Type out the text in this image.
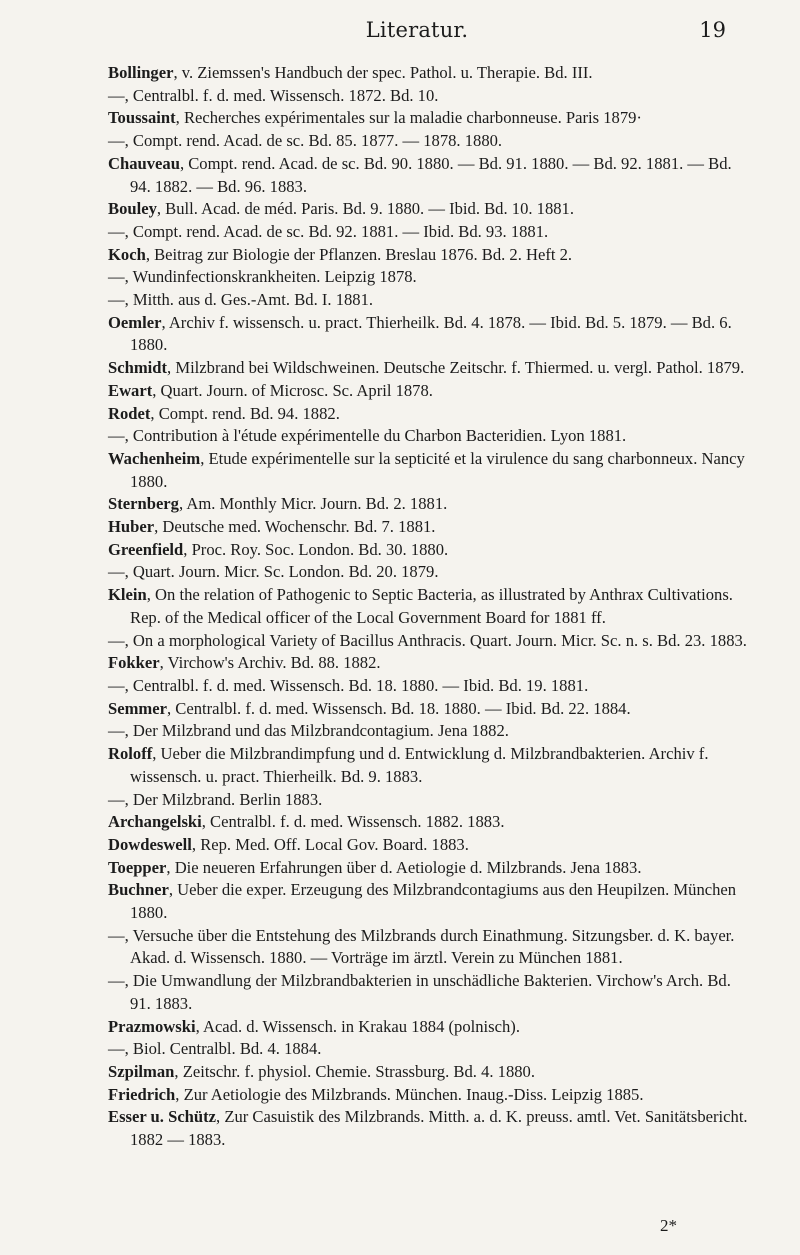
Literatur.	19

Bollinger, v. Ziemssen's Handbuch der spec. Pathol. u. Therapie. Bd. III.

—, Centralbl. f. d. med. Wissensch. 1872. Bd. 10.

Toussaint, Recherches expérimentales sur la maladie charbonneuse. Paris 1879·

—, Compt. rend. Acad. de sc. Bd. 85. 1877. — 1878. 1880.

Chauveau, Compt. rend. Acad. de sc. Bd. 90. 1880. — Bd. 91. 1880. — Bd. 92. 1881. — Bd. 94. 1882. — Bd. 96. 1883.

Bouley, Bull. Acad. de méd. Paris. Bd. 9. 1880. — Ibid. Bd. 10. 1881.

—, Compt. rend. Acad. de sc. Bd. 92. 1881. — Ibid. Bd. 93. 1881.

Koch, Beitrag zur Biologie der Pflanzen. Breslau 1876. Bd. 2. Heft 2.

—, Wundinfectionskrankheiten. Leipzig 1878.

—, Mitth. aus d. Ges.-Amt. Bd. I. 1881.

Oemler, Archiv f. wissensch. u. pract. Thierheilk. Bd. 4. 1878. — Ibid. Bd. 5. 1879. — Bd. 6. 1880.

Schmidt, Milzbrand bei Wildschweinen. Deutsche Zeitschr. f. Thiermed. u. vergl. Pathol. 1879.

Ewart, Quart. Journ. of Microsc. Sc. April 1878.

Rodet, Compt. rend. Bd. 94. 1882.

—, Contribution à l'étude expérimentelle du Charbon Bacteridien. Lyon 1881.

Wachenheim, Etude expérimentelle sur la septicité et la virulence du sang charbonneux. Nancy 1880.

Sternberg, Am. Monthly Micr. Journ. Bd. 2. 1881.

Huber, Deutsche med. Wochenschr. Bd. 7. 1881.

Greenfield, Proc. Roy. Soc. London. Bd. 30. 1880.

—, Quart. Journ. Micr. Sc. London. Bd. 20. 1879.

Klein, On the relation of Pathogenic to Septic Bacteria, as illustrated by Anthrax Cultivations. Rep. of the Medical officer of the Local Government Board for 1881 ff.

—, On a morphological Variety of Bacillus Anthracis. Quart. Journ. Micr. Sc. n. s. Bd. 23. 1883.

Fokker, Virchow's Archiv. Bd. 88. 1882.

—, Centralbl. f. d. med. Wissensch. Bd. 18. 1880. — Ibid. Bd. 19. 1881.

Semmer, Centralbl. f. d. med. Wissensch. Bd. 18. 1880. — Ibid. Bd. 22. 1884.

—, Der Milzbrand und das Milzbrandcontagium. Jena 1882.

Roloff, Ueber die Milzbrandimpfung und d. Entwicklung d. Milzbrandbakterien. Archiv f. wissensch. u. pract. Thierheilk. Bd. 9. 1883.

—, Der Milzbrand. Berlin 1883.

Archangelski, Centralbl. f. d. med. Wissensch. 1882. 1883.

Dowdeswell, Rep. Med. Off. Local Gov. Board. 1883.

Toepper, Die neueren Erfahrungen über d. Aetiologie d. Milzbrands. Jena 1883.

Buchner, Ueber die exper. Erzeugung des Milzbrandcontagiums aus den Heupilzen. München 1880.

—, Versuche über die Entstehung des Milzbrands durch Einathmung. Sitzungsber. d. K. bayer. Akad. d. Wissensch. 1880. — Vorträge im ärztl. Verein zu München 1881.

—, Die Umwandlung der Milzbrandbakterien in unschädliche Bakterien. Virchow's Arch. Bd. 91. 1883.

Prazmowski, Acad. d. Wissensch. in Krakau 1884 (polnisch).

—, Biol. Centralbl. Bd. 4. 1884.

Szpilman, Zeitschr. f. physiol. Chemie. Strassburg. Bd. 4. 1880.

Friedrich, Zur Aetiologie des Milzbrands. München. Inaug.-Diss. Leipzig 1885.

Esser u. Schütz, Zur Casuistik des Milzbrands. Mitth. a. d. K. preuss. amtl. Vet. Sanitätsbericht. 1882 — 1883.

2*
